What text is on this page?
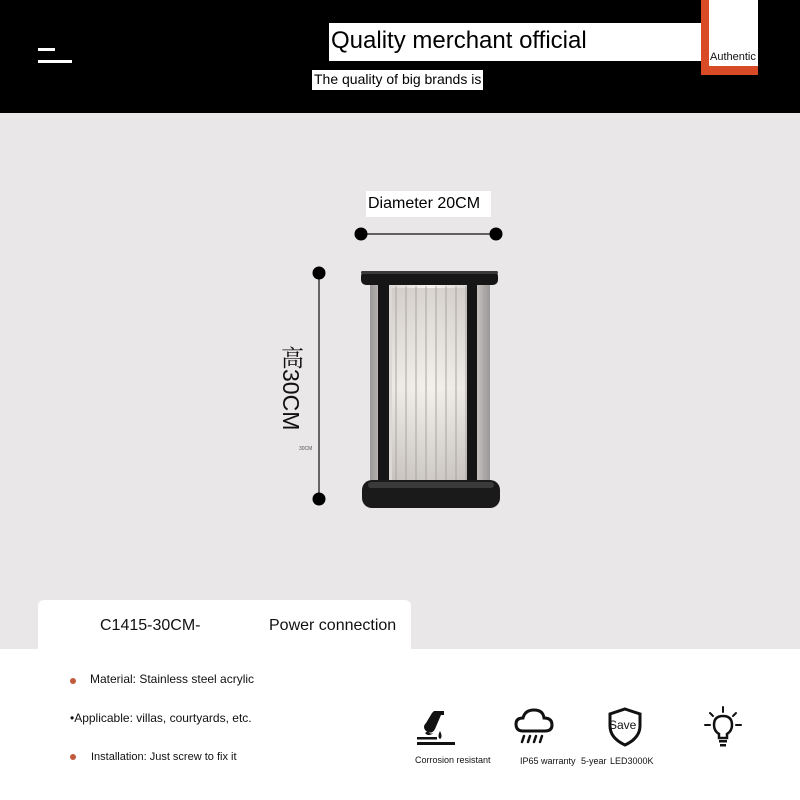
Quality merchant official
Authentic
The quality of big brands is
Diameter 20CM
高30CM
30CM
C1415-30CM-	Power connection
Material: Stainless steel acrylic
•Applicable: villas, courtyards, etc.
Installation: Just screw to fix it	Corrosion resistant	IP65 warranty
Save
5-year LED3000K
